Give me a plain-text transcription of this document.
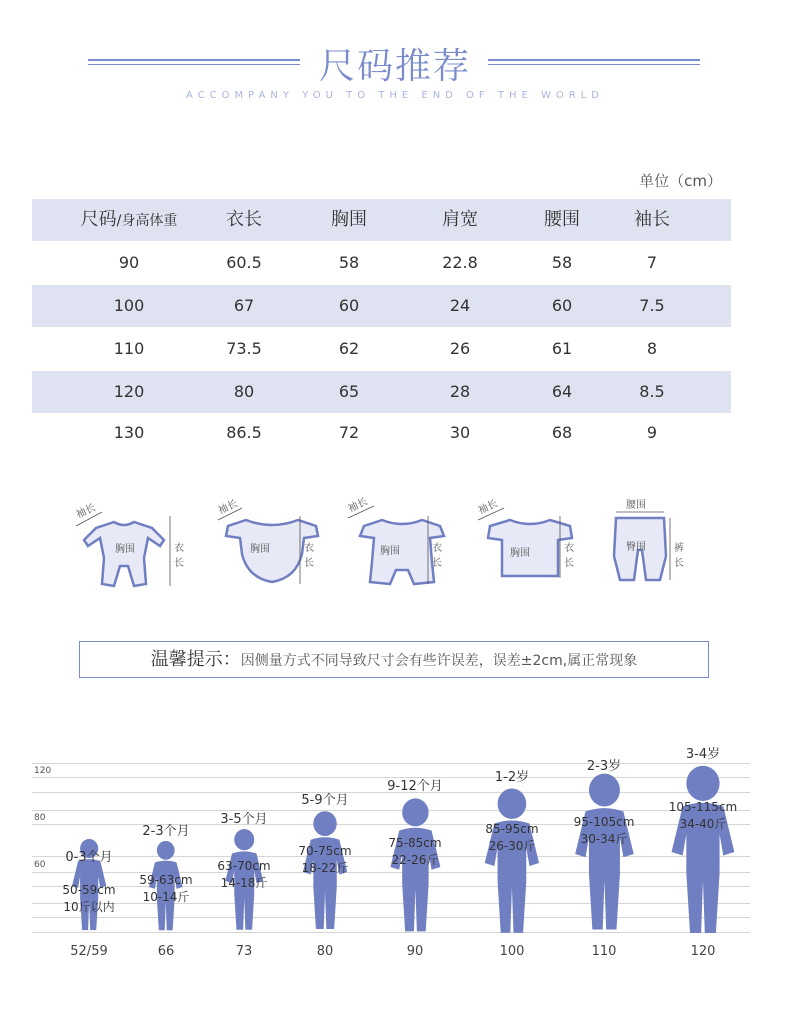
尺码推荐
ACCOMPANY YOU TO THE END OF THE WORLD
单位（cm）
尺码/身高体重	衣长	胸围	肩宽	腰围	袖长
90	60.5	58	22.8	58	7
100	67	60	24	60	7.5
110	73.5	62	26	61	8
120	80	65	28	64	8.5
130	86.5	72	30	68	9
袖长
胸围	衣
长
袖长
胸围	衣
长
袖长
胸围	衣
长
袖长
胸围	衣
长
腰围
臀围	裤
长
温馨提示：因侧量方式不同导致尺寸会有些许误差，误差±2cm,属正常现象
120
80
60	0-3个月
50-59cm
10斤以内
52/59
2-3个月
59-63cm
10-14斤
66
3-5个月
63-70cm
14-18斤
73
5-9个月
70-75cm
18-22斤
80
9-12个月
75-85cm
22-26斤
90
1-2岁
85-95cm
26-30斤
100
2-3岁
95-105cm
30-34斤
110
3-4岁
105-115cm
34-40斤
120
